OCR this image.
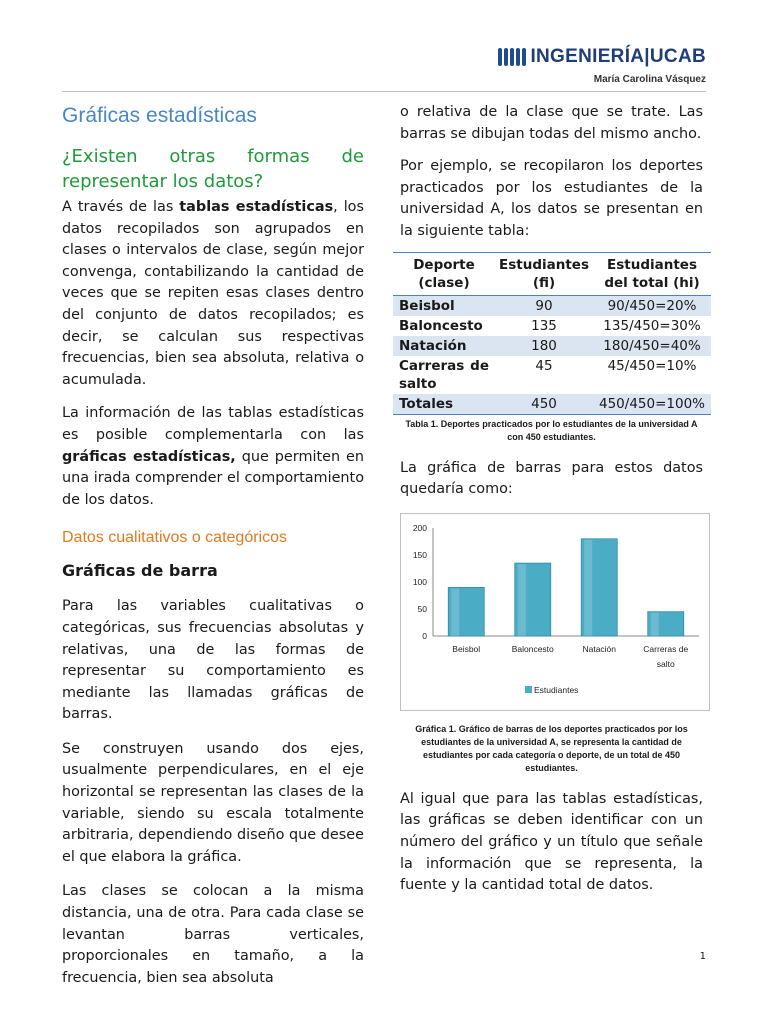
INGENIERÍA|UCAB
María Carolina Vásquez
Gráficas estadísticas
¿Existen otras formas de representar los datos?

A través de las tablas estadísticas, los datos recopilados son agrupados en clases o intervalos de clase, según mejor convenga, contabilizando la cantidad de veces que se repiten esas clases dentro del conjunto de datos recopilados; es decir, se calculan sus respectivas frecuencias, bien sea absoluta, relativa o acumulada.

La información de las tablas estadísticas es posible complementarla con las gráficas estadísticas, que permiten en una irada comprender el comportamiento de los datos.

Datos cualitativos o categóricos
Gráficas de barra

Para las variables cualitativas o categóricas, sus frecuencias absolutas y relativas, una de las formas de representar su comportamiento es mediante las llamadas gráficas de barras.

Se construyen usando dos ejes, usualmente perpendiculares, en el eje horizontal se representan las clases de la variable, siendo su escala totalmente arbitraria, dependiendo diseño que desee el que elabora la gráfica.

Las clases se colocan a la misma distancia, una de otra. Para cada clase se levantan barras verticales, proporcionales en tamaño, a la frecuencia, bien sea absoluta

o relativa de la clase que se trate. Las barras se dibujan todas del mismo ancho.

Por ejemplo, se recopilaron los deportes practicados por los estudiantes de la universidad A, los datos se presentan en la siguiente tabla:

Deporte (clase)	Estudiantes (fi)	Estudiantes del total (hi)
Beisbol	90	90/450=20%
Baloncesto	135	135/450=30%
Natación	180	180/450=40%
Carreras de salto	45	45/450=10%
Totales	450	450/450=100%
Tabla 1. Deportes practicados por lo estudiantes de la universidad A con 450 estudiantes.

La gráfica de barras para estos datos quedaría como:

0
50
100
150
200
Beisbol	Baloncesto	Natación	Carreras de
salto
Estudiantes
Gráfica 1. Gráfico de barras de los deportes practicados por los estudiantes de la universidad A, se representa la cantidad de estudiantes por cada categoría o deporte, de un total de 450 estudiantes.

Al igual que para las tablas estadísticas, las gráficas se deben identificar con un número del gráfico y un título que señale la información que se representa, la fuente y la cantidad total de datos.

1
